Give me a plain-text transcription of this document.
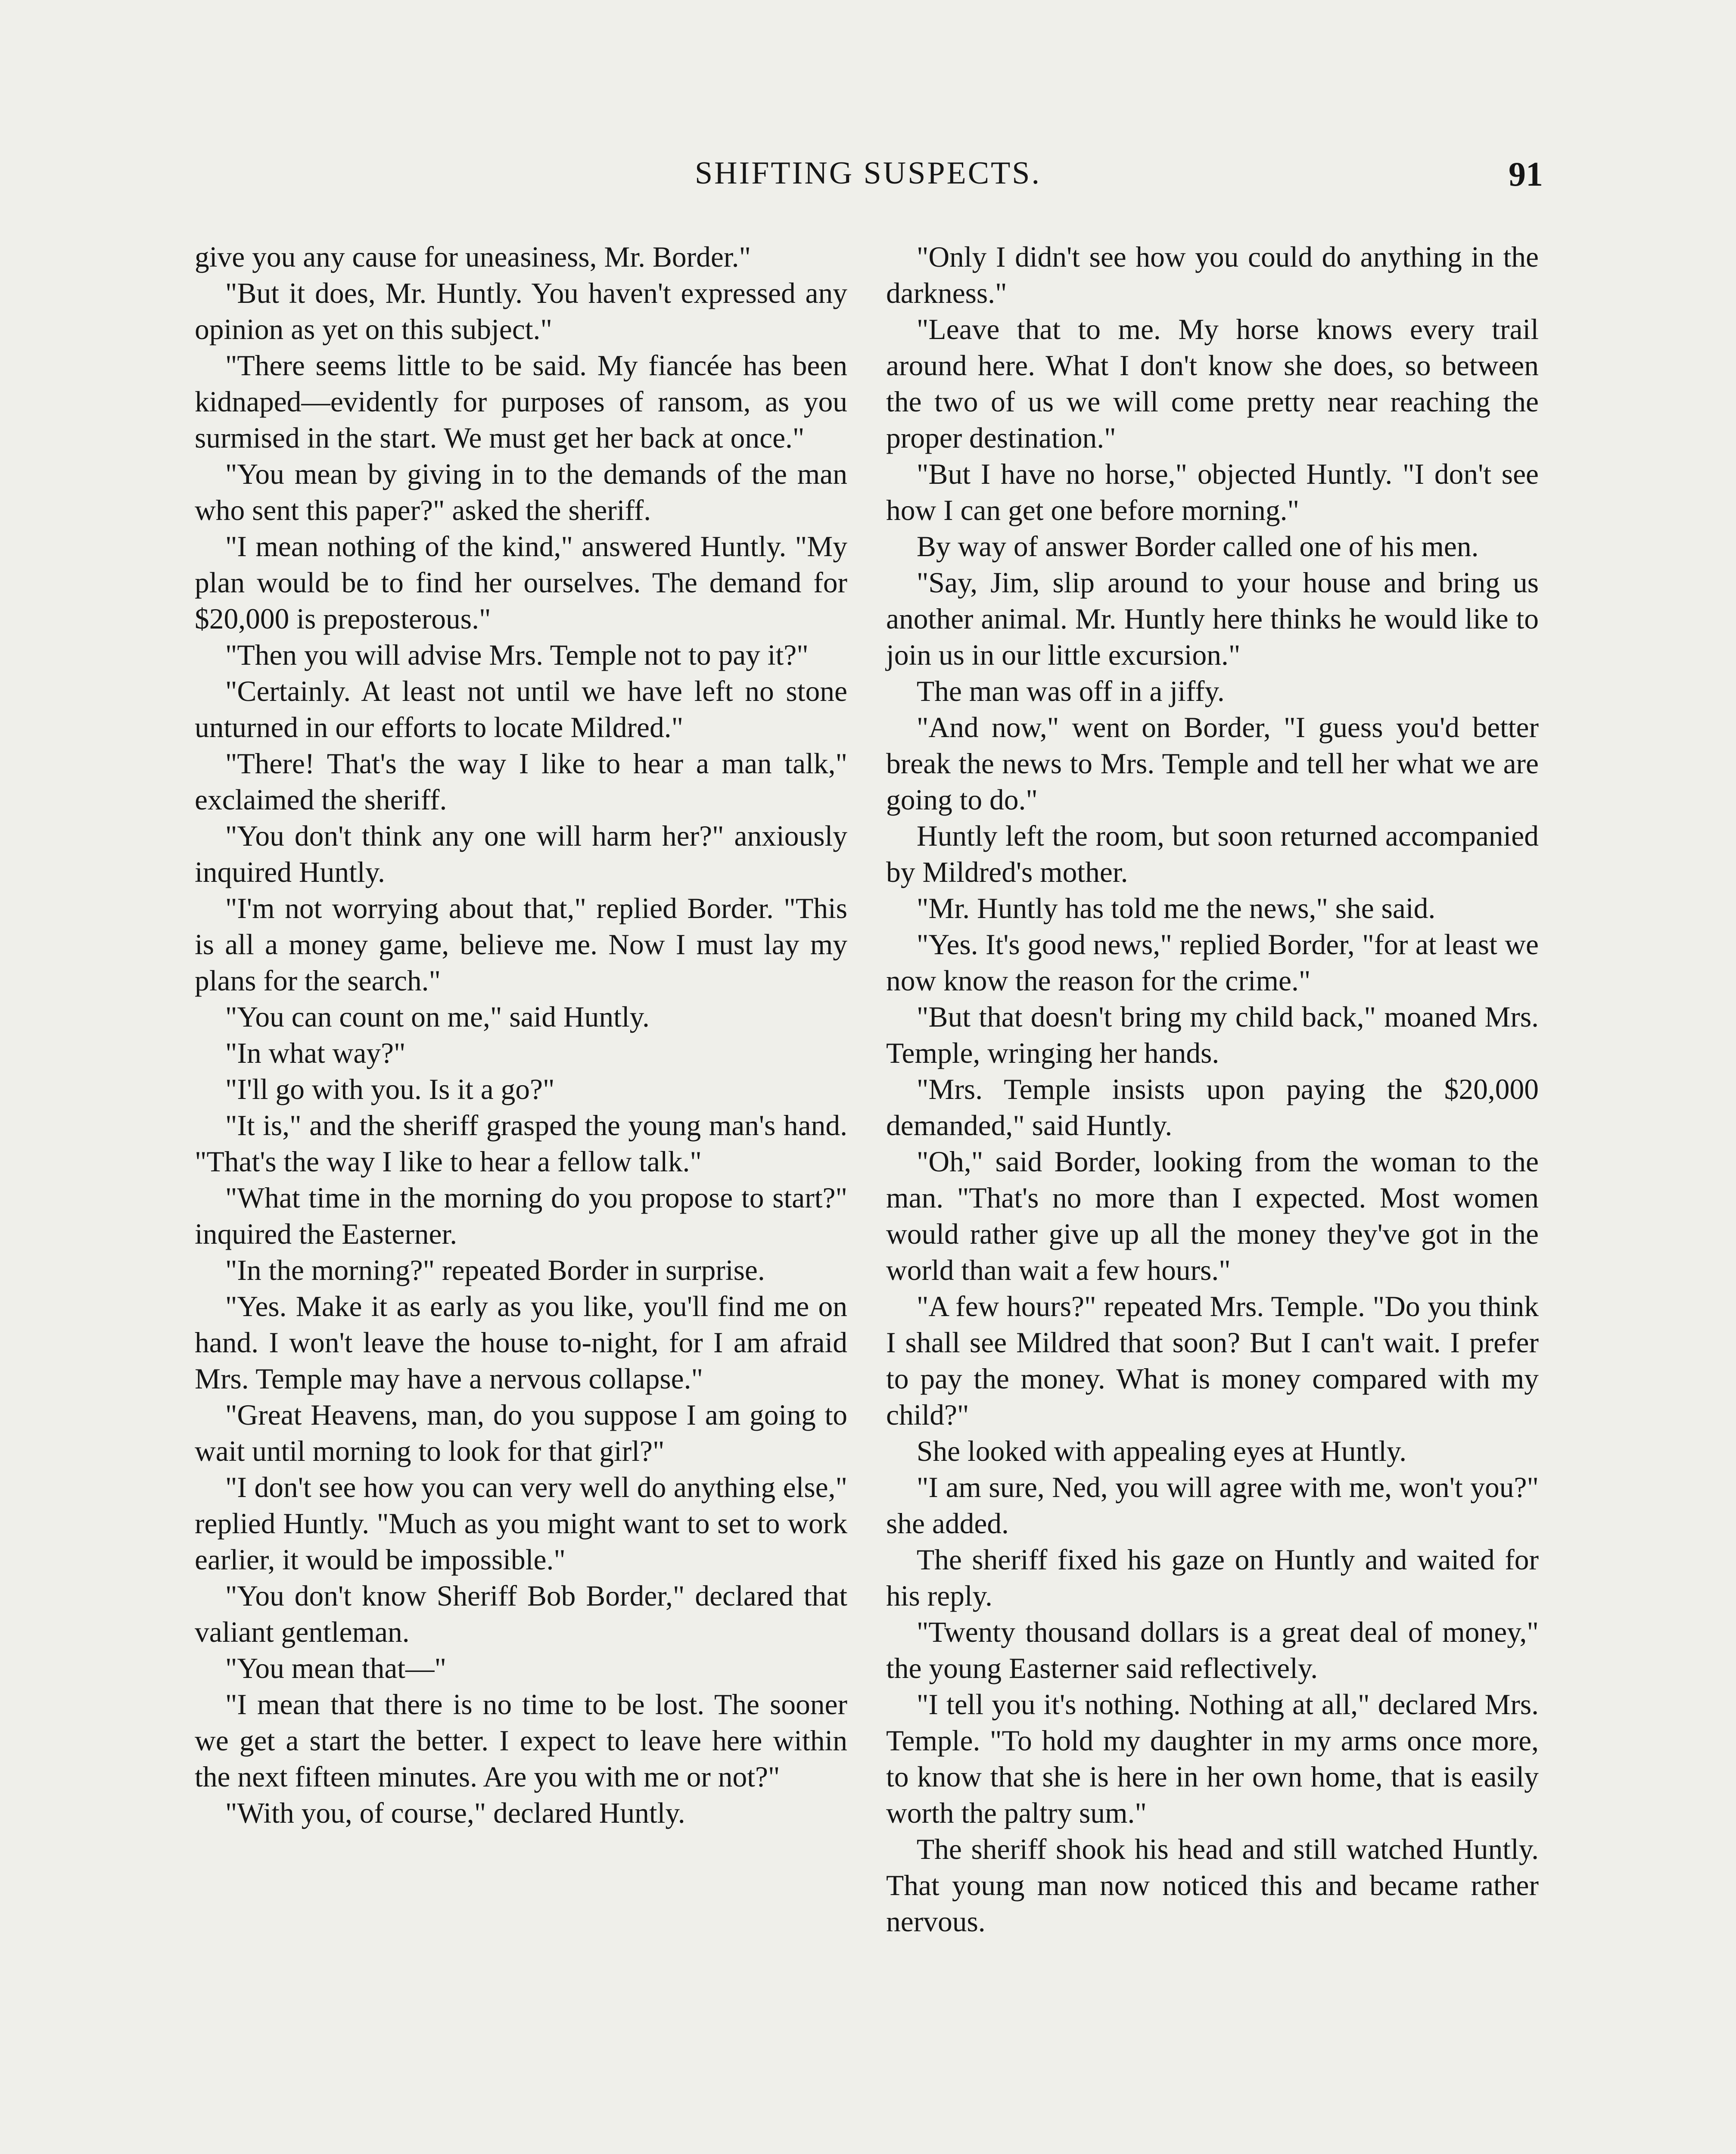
SHIFTING SUSPECTS.	91

give you any cause for uneasiness, Mr. Border."

"But it does, Mr. Huntly. You haven't expressed any opinion as yet on this subject."

"There seems little to be said. My fiancée has been kidnaped—evidently for purposes of ransom, as you surmised in the start. We must get her back at once."

"You mean by giving in to the demands of the man who sent this paper?" asked the sheriff.

"I mean nothing of the kind," answered Huntly. "My plan would be to find her ourselves. The demand for $20,000 is preposterous."

"Then you will advise Mrs. Temple not to pay it?"

"Certainly. At least not until we have left no stone unturned in our efforts to locate Mildred."

"There! That's the way I like to hear a man talk," exclaimed the sheriff.

"You don't think any one will harm her?" anxiously inquired Huntly.

"I'm not worrying about that," replied Border. "This is all a money game, believe me. Now I must lay my plans for the search."

"You can count on me," said Huntly.

"In what way?"

"I'll go with you. Is it a go?"

"It is," and the sheriff grasped the young man's hand. "That's the way I like to hear a fellow talk."

"What time in the morning do you propose to start?" inquired the Easterner.

"In the morning?" repeated Border in surprise.

"Yes. Make it as early as you like, you'll find me on hand. I won't leave the house to-night, for I am afraid Mrs. Temple may have a nervous collapse."

"Great Heavens, man, do you suppose I am going to wait until morning to look for that girl?"

"I don't see how you can very well do anything else," replied Huntly. "Much as you might want to set to work earlier, it would be impossible."

"You don't know Sheriff Bob Border," declared that valiant gentleman.

"You mean that—"

"I mean that there is no time to be lost. The sooner we get a start the better. I expect to leave here within the next fifteen minutes. Are you with me or not?"

"With you, of course," declared Huntly.

"Only I didn't see how you could do anything in the darkness."

"Leave that to me. My horse knows every trail around here. What I don't know she does, so between the two of us we will come pretty near reaching the proper destination."

"But I have no horse," objected Huntly. "I don't see how I can get one before morning."

By way of answer Border called one of his men.

"Say, Jim, slip around to your house and bring us another animal. Mr. Huntly here thinks he would like to join us in our little excursion."

The man was off in a jiffy.

"And now," went on Border, "I guess you'd better break the news to Mrs. Temple and tell her what we are going to do."

Huntly left the room, but soon returned accompanied by Mildred's mother.

"Mr. Huntly has told me the news," she said.

"Yes. It's good news," replied Border, "for at least we now know the reason for the crime."

"But that doesn't bring my child back," moaned Mrs. Temple, wringing her hands.

"Mrs. Temple insists upon paying the $20,000 demanded," said Huntly.

"Oh," said Border, looking from the woman to the man. "That's no more than I expected. Most women would rather give up all the money they've got in the world than wait a few hours."

"A few hours?" repeated Mrs. Temple. "Do you think I shall see Mildred that soon? But I can't wait. I prefer to pay the money. What is money compared with my child?"

She looked with appealing eyes at Huntly.

"I am sure, Ned, you will agree with me, won't you?" she added.

The sheriff fixed his gaze on Huntly and waited for his reply.

"Twenty thousand dollars is a great deal of money," the young Easterner said reflectively.

"I tell you it's nothing. Nothing at all," declared Mrs. Temple. "To hold my daughter in my arms once more, to know that she is here in her own home, that is easily worth the paltry sum."

The sheriff shook his head and still watched Huntly. That young man now noticed this and became rather nervous.
